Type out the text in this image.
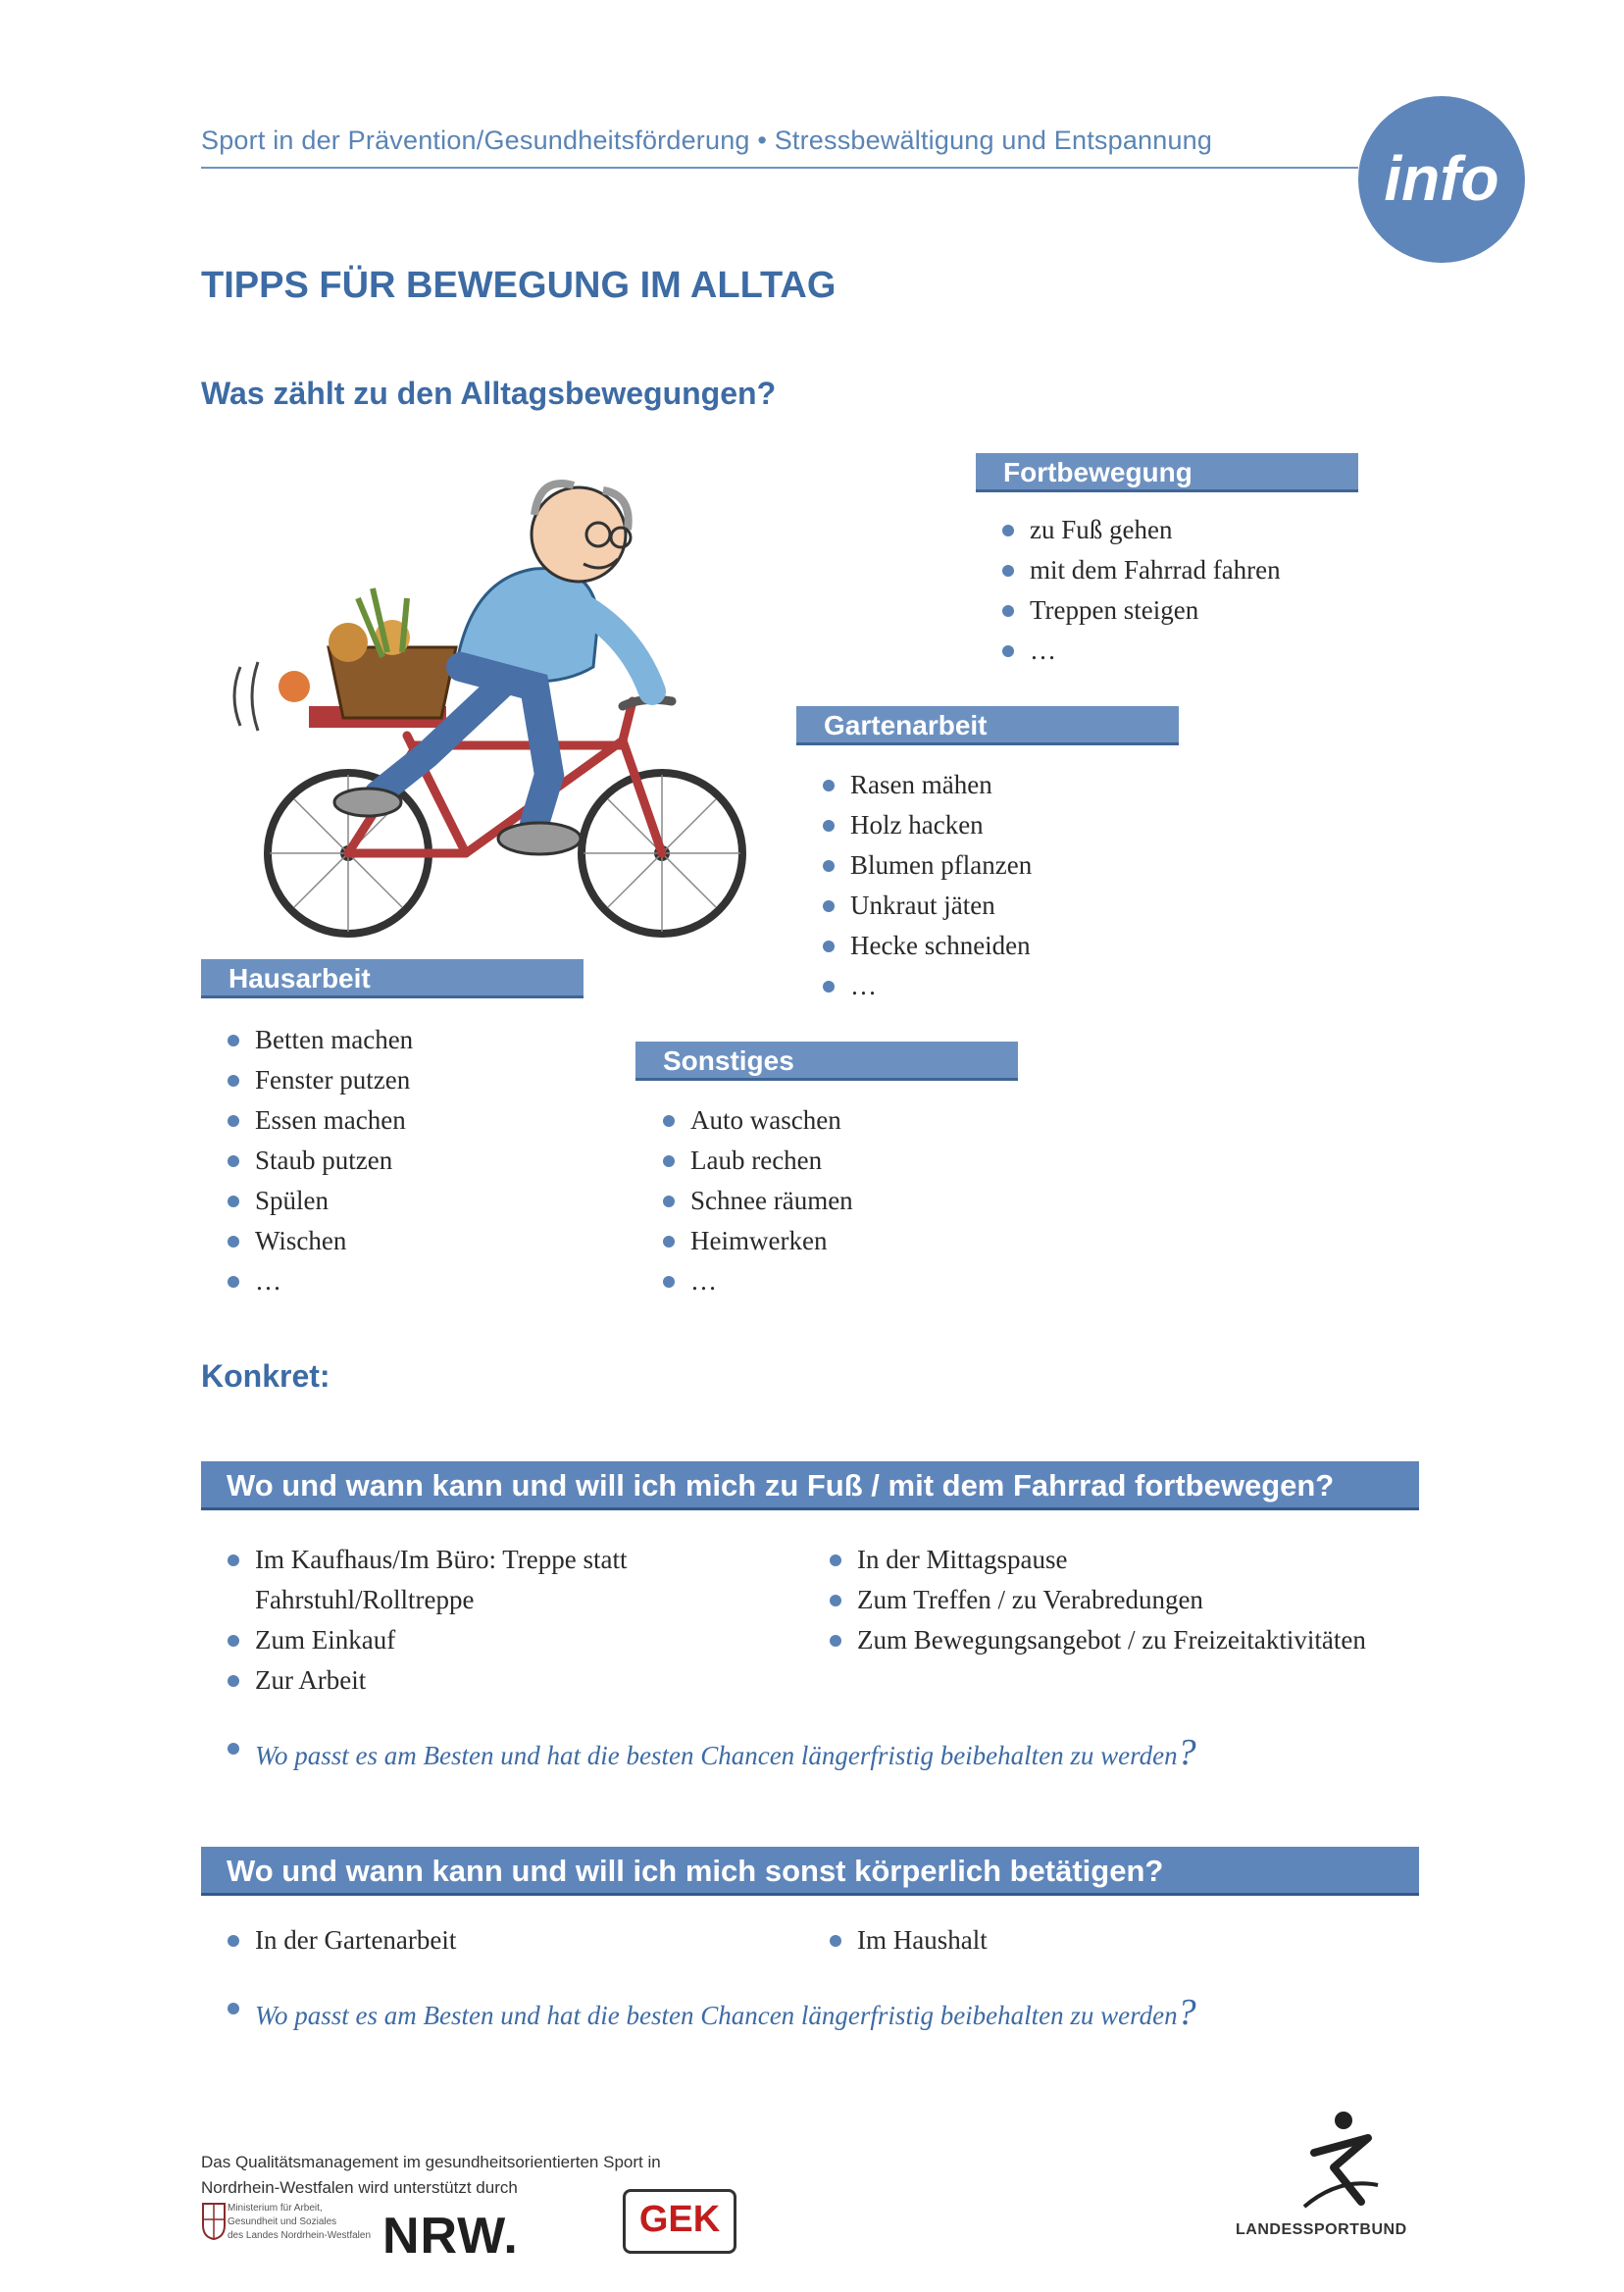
Sport in der Prävention/Gesundheitsförderung • Stressbewältigung und Entspannung
info
TIPPS FÜR BEWEGUNG IM ALLTAG
Was zählt zu den Alltagsbewegungen?
Fortbewegung
zu Fuß gehen
mit dem Fahrrad fahren
Treppen steigen
…
Gartenarbeit
Rasen mähen
Holz hacken
Blumen pflanzen
Unkraut jäten
Hecke schneiden
…
Hausarbeit
Betten machen
Fenster putzen
Essen machen
Staub putzen
Spülen
Wischen
…
Sonstiges
Auto waschen
Laub rechen
Schnee räumen
Heimwerken
…
Konkret:
Wo und wann kann und will ich mich zu Fuß / mit dem Fahrrad fortbewegen?
Im Kaufhaus/Im Büro: Treppe statt Fahrstuhl/Rolltreppe
Zum Einkauf
Zur Arbeit
In der Mittagspause
Zum Treffen / zu Verabredungen
Zum Bewegungsangebot / zu Freizeitaktivitäten
Wo passt es am Besten und hat die besten Chancen längerfristig beibehalten zu werden?
Wo und wann kann und will ich mich sonst körperlich betätigen?
In der Gartenarbeit	Im Haushalt
Wo passt es am Besten und hat die besten Chancen längerfristig beibehalten zu werden?
Das Qualitätsmanagement im gesundheitsorientierten Sport in
Nordrhein-Westfalen wird unterstützt durch
Ministerium für Arbeit,
Gesundheit und Soziales
des Landes Nordrhein-Westfalen NRW.	GEK	LANDESSPORTBUND
